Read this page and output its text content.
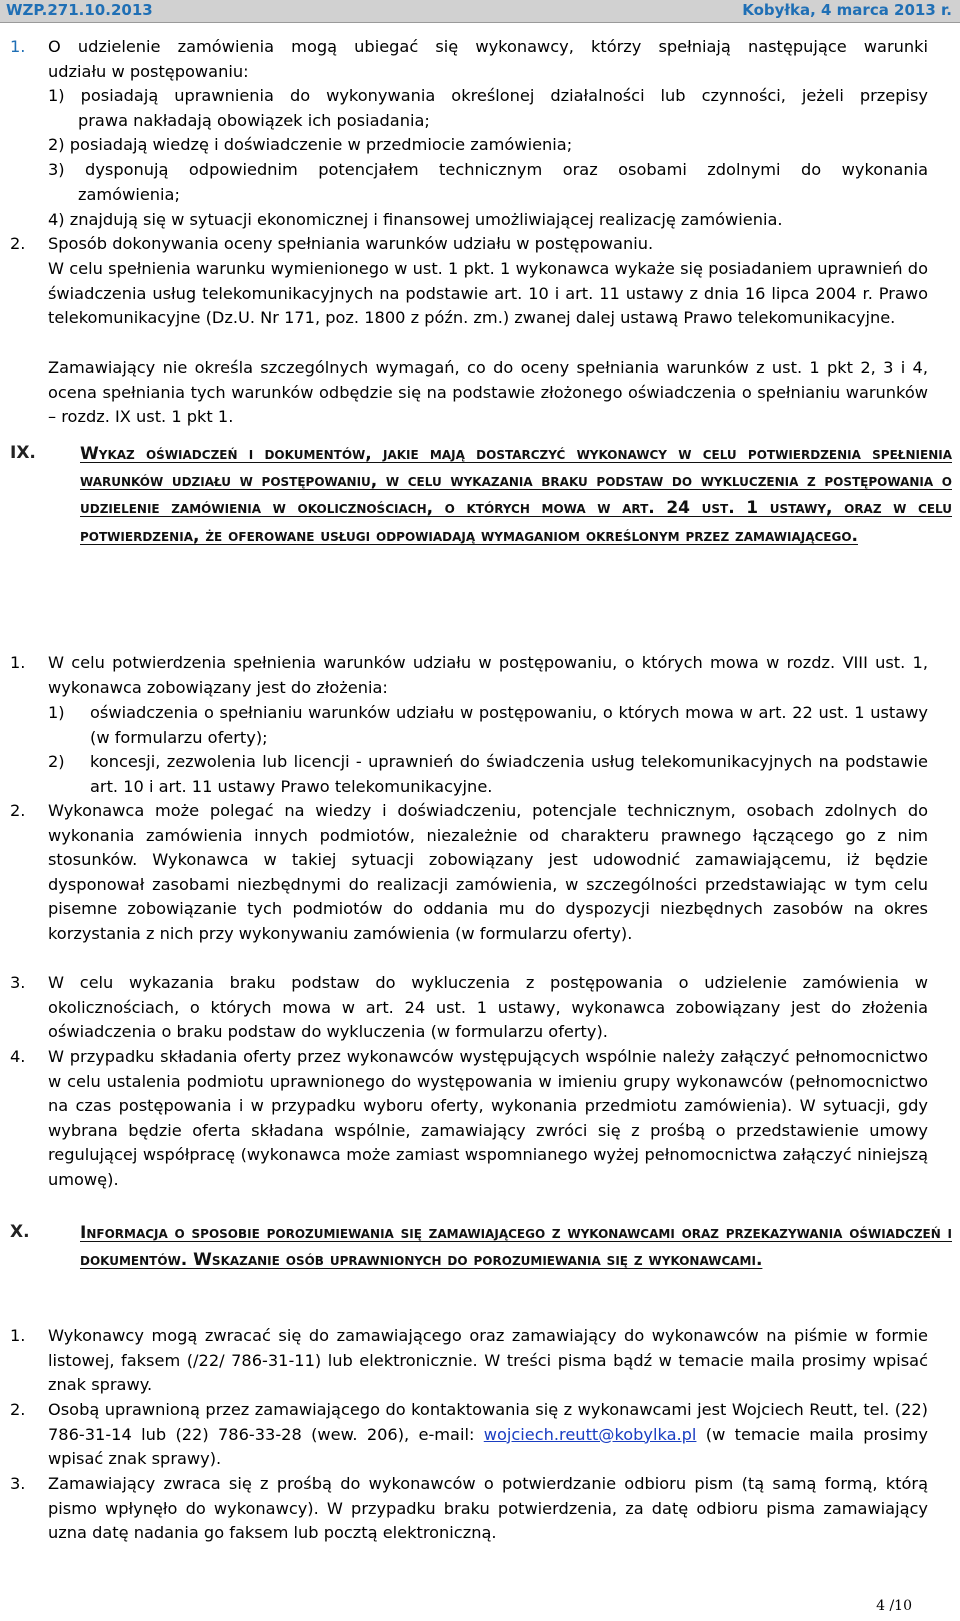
WZP.271.10.2013	Kobyłka, 4 marca 2013 r.
1. O udzielenie zamówienia mogą ubiegać się wykonawcy, którzy spełniają następujące warunki
udziału w postępowaniu:
1) posiadają uprawnienia do wykonywania określonej działalności lub czynności, jeżeli przepisy
prawa nakładają obowiązek ich posiadania;
2) posiadają wiedzę i doświadczenie w przedmiocie zamówienia;
3) dysponują odpowiednim potencjałem technicznym oraz osobami zdolnymi do wykonania
zamówienia;
4) znajdują się w sytuacji ekonomicznej i finansowej umożliwiającej realizację zamówienia.
2. Sposób dokonywania oceny spełniania warunków udziału w postępowaniu.
W celu spełnienia warunku wymienionego w ust. 1 pkt. 1 wykonawca wykaże się posiadaniem uprawnień do świadczenia usług telekomunikacyjnych na podstawie art. 10 i art. 11 ustawy z dnia 16 lipca 2004 r. Prawo telekomunikacyjne (Dz.U. Nr 171, poz. 1800 z późn. zm.) zwanej dalej ustawą Prawo telekomunikacyjne.
Zamawiający nie określa szczególnych wymagań, co do oceny spełniania warunków z ust. 1 pkt 2, 3 i 4, ocena spełniania tych warunków odbędzie się na podstawie złożonego oświadczenia o spełnianiu warunków – rozdz. IX ust. 1 pkt 1.
IX.	Wykaz oświadczeń i dokumentów, jakie mają dostarczyć wykonawcy w celu potwierdzenia spełnienia warunków udziału w postępowaniu, w celu wykazania braku podstaw do wykluczenia z postępowania o udzielenie zamówienia w okolicznościach, o których mowa w art. 24 ust. 1 ustawy, oraz w celu potwierdzenia, że oferowane usługi odpowiadają wymaganiom określonym przez zamawiającego.
1. W celu potwierdzenia spełnienia warunków udziału w postępowaniu, o których mowa w rozdz. VIII ust. 1, wykonawca zobowiązany jest do złożenia:
1) oświadczenia o spełnianiu warunków udziału w postępowaniu, o których mowa w art. 22 ust. 1 ustawy (w formularzu oferty);
2) koncesji, zezwolenia lub licencji - uprawnień do świadczenia usług telekomunikacyjnych na podstawie art. 10 i art. 11 ustawy Prawo telekomunikacyjne.
2. Wykonawca może polegać na wiedzy i doświadczeniu, potencjale technicznym, osobach zdolnych do wykonania zamówienia innych podmiotów, niezależnie od charakteru prawnego łączącego go z nim stosunków. Wykonawca w takiej sytuacji zobowiązany jest udowodnić zamawiającemu, iż będzie dysponował zasobami niezbędnymi do realizacji zamówienia, w szczególności przedstawiając w tym celu pisemne zobowiązanie tych podmiotów do oddania mu do dyspozycji niezbędnych zasobów na okres korzystania z nich przy wykonywaniu zamówienia (w formularzu oferty).
3. W celu wykazania braku podstaw do wykluczenia z postępowania o udzielenie zamówienia w okolicznościach, o których mowa w art. 24 ust. 1 ustawy, wykonawca zobowiązany jest do złożenia oświadczenia o braku podstaw do wykluczenia (w formularzu oferty).
4. W przypadku składania oferty przez wykonawców występujących wspólnie należy załączyć pełnomocnictwo w celu ustalenia podmiotu uprawnionego do występowania w imieniu grupy wykonawców (pełnomocnictwo na czas postępowania i w przypadku wyboru oferty, wykonania przedmiotu zamówienia). W sytuacji, gdy wybrana będzie oferta składana wspólnie, zamawiający zwróci się z prośbą o przedstawienie umowy regulującej współpracę (wykonawca może zamiast wspomnianego wyżej pełnomocnictwa załączyć niniejszą umowę).
X.	Informacja o sposobie porozumiewania się zamawiającego z wykonawcami oraz przekazywania oświadczeń i dokumentów. Wskazanie osób uprawnionych do porozumiewania się z wykonawcami.
1. Wykonawcy mogą zwracać się do zamawiającego oraz zamawiający do wykonawców na piśmie w formie listowej, faksem (/22/ 786-31-11) lub elektronicznie. W treści pisma bądź w temacie maila prosimy wpisać znak sprawy.
2. Osobą uprawnioną przez zamawiającego do kontaktowania się z wykonawcami jest Wojciech Reutt, tel. (22) 786-31-14 lub (22) 786-33-28 (wew. 206), e-mail: wojciech.reutt@kobylka.pl (w temacie maila prosimy wpisać znak sprawy).
3. Zamawiający zwraca się z prośbą do wykonawców o potwierdzanie odbioru pism (tą samą formą, którą pismo wpłynęło do wykonawcy). W przypadku braku potwierdzenia, za datę odbioru pisma zamawiający uzna datę nadania go faksem lub pocztą elektroniczną.
4 /10
